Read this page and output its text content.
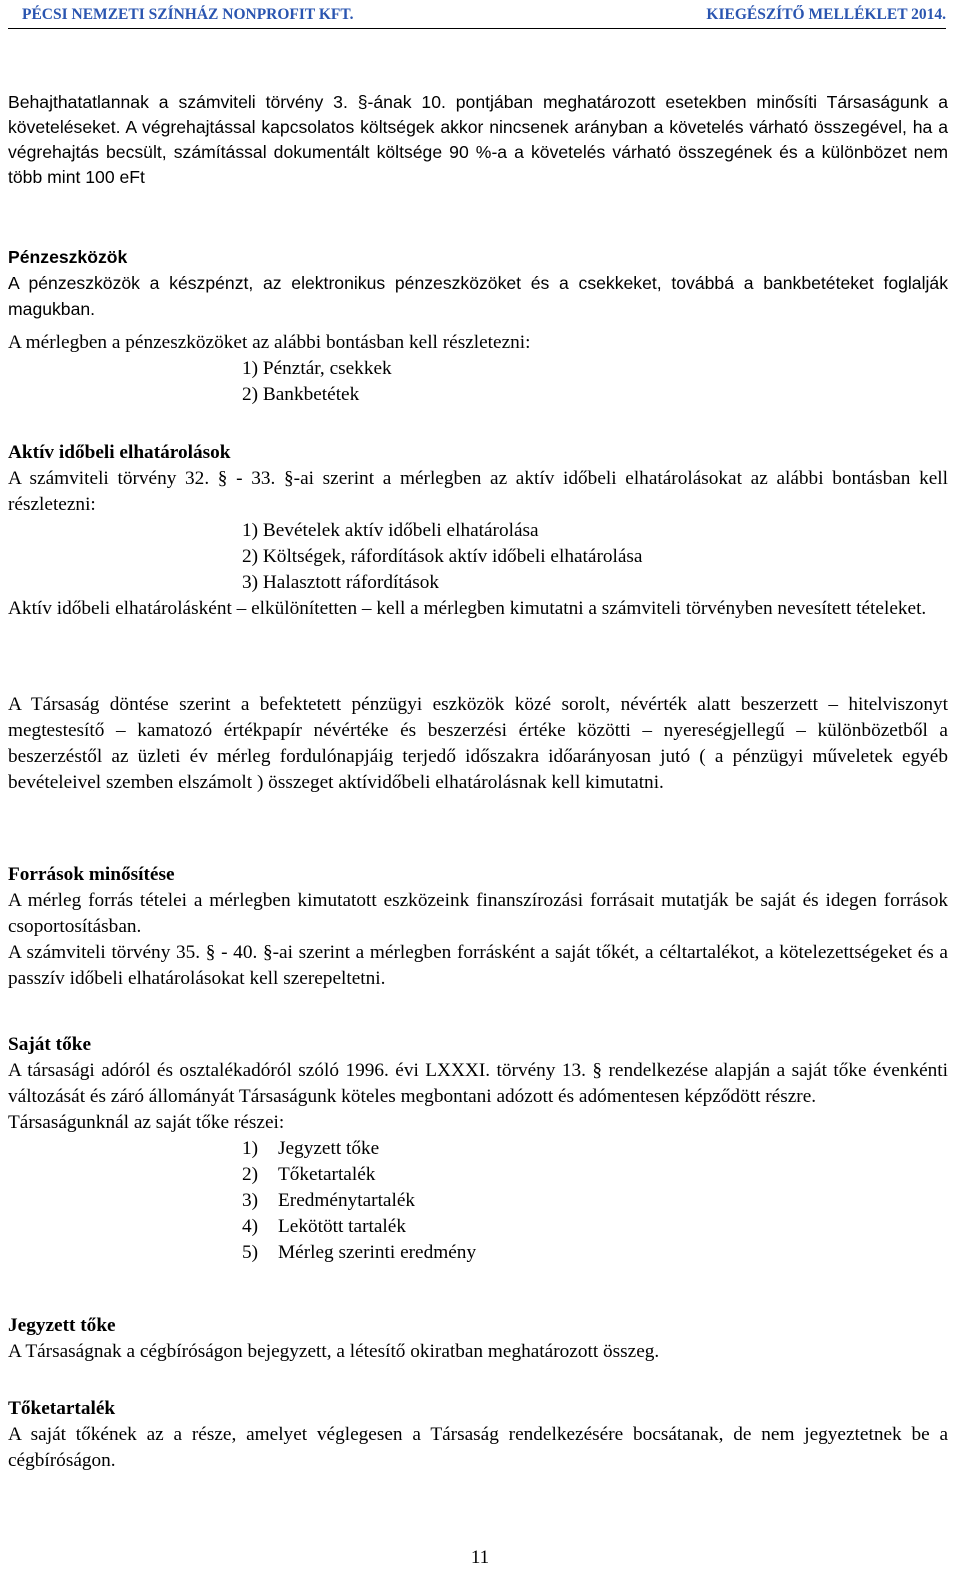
PÉCSI NEMZETI SZÍNHÁZ NONPROFIT KFT.	KIEGÉSZÍTŐ MELLÉKLET 2014.

Behajthatatlannak a számviteli törvény 3. §-ának 10. pontjában meghatározott esetekben minősíti Társaságunk a követeléseket. A végrehajtással kapcsolatos költségek akkor nincsenek arányban a követelés várható összegével, ha a végrehajtás becsült, számítással dokumentált költsége 90 %-a a követelés várható összegének és a különbözet nem több mint 100 eFt

Pénzeszközök

A pénzeszközök a készpénzt, az elektronikus pénzeszközöket és a csekkeket, továbbá a bankbetéteket foglalják magukban.

A mérlegben a pénzeszközöket az alábbi bontásban kell részletezni:

1) Pénztár, csekkek
2) Bankbetétek
Aktív időbeli elhatárolások

A számviteli törvény 32. § - 33. §-ai szerint a mérlegben az aktív időbeli elhatárolásokat az alábbi bontásban kell részletezni:

1) Bevételek aktív időbeli elhatárolása
2) Költségek, ráfordítások aktív időbeli elhatárolása
3) Halasztott ráfordítások

Aktív időbeli elhatárolásként – elkülönítetten – kell a mérlegben kimutatni a számviteli törvényben nevesített tételeket.

A Társaság döntése szerint a befektetett pénzügyi eszközök közé sorolt, névérték alatt beszerzett – hitelviszonyt megtestesítő – kamatozó értékpapír névértéke és beszerzési értéke közötti – nyereségjellegű – különbözetből a beszerzéstől az üzleti év mérleg fordulónapjáig terjedő időszakra időarányosan jutó ( a pénzügyi műveletek egyéb bevételeivel szemben elszámolt ) összeget aktívidőbeli elhatárolásnak kell kimutatni.

Források minősítése

A mérleg forrás tételei a mérlegben kimutatott eszközeink finanszírozási forrásait mutatják be saját és idegen források csoportosításban.

A számviteli törvény 35. § - 40. §-ai szerint a mérlegben forrásként a saját tőkét, a céltartalékot, a kötelezettségeket és a passzív időbeli elhatárolásokat kell szerepeltetni.

Saját tőke

A társasági adóról és osztalékadóról szóló 1996. évi LXXXI. törvény 13. § rendelkezése alapján a saját tőke évenkénti változását és záró állományát Társaságunk köteles megbontani adózott és adómentesen képződött részre.

Társaságunknál az saját tőke részei:

1) Jegyzett tőke
2) Tőketartalék
3) Eredménytartalék
4) Lekötött tartalék
5) Mérleg szerinti eredmény
Jegyzett tőke

A Társaságnak a cégbíróságon bejegyzett, a létesítő okiratban meghatározott összeg.

Tőketartalék

A saját tőkének az a része, amelyet véglegesen a Társaság rendelkezésére bocsátanak, de nem jegyeztetnek be a cégbíróságon.

11
